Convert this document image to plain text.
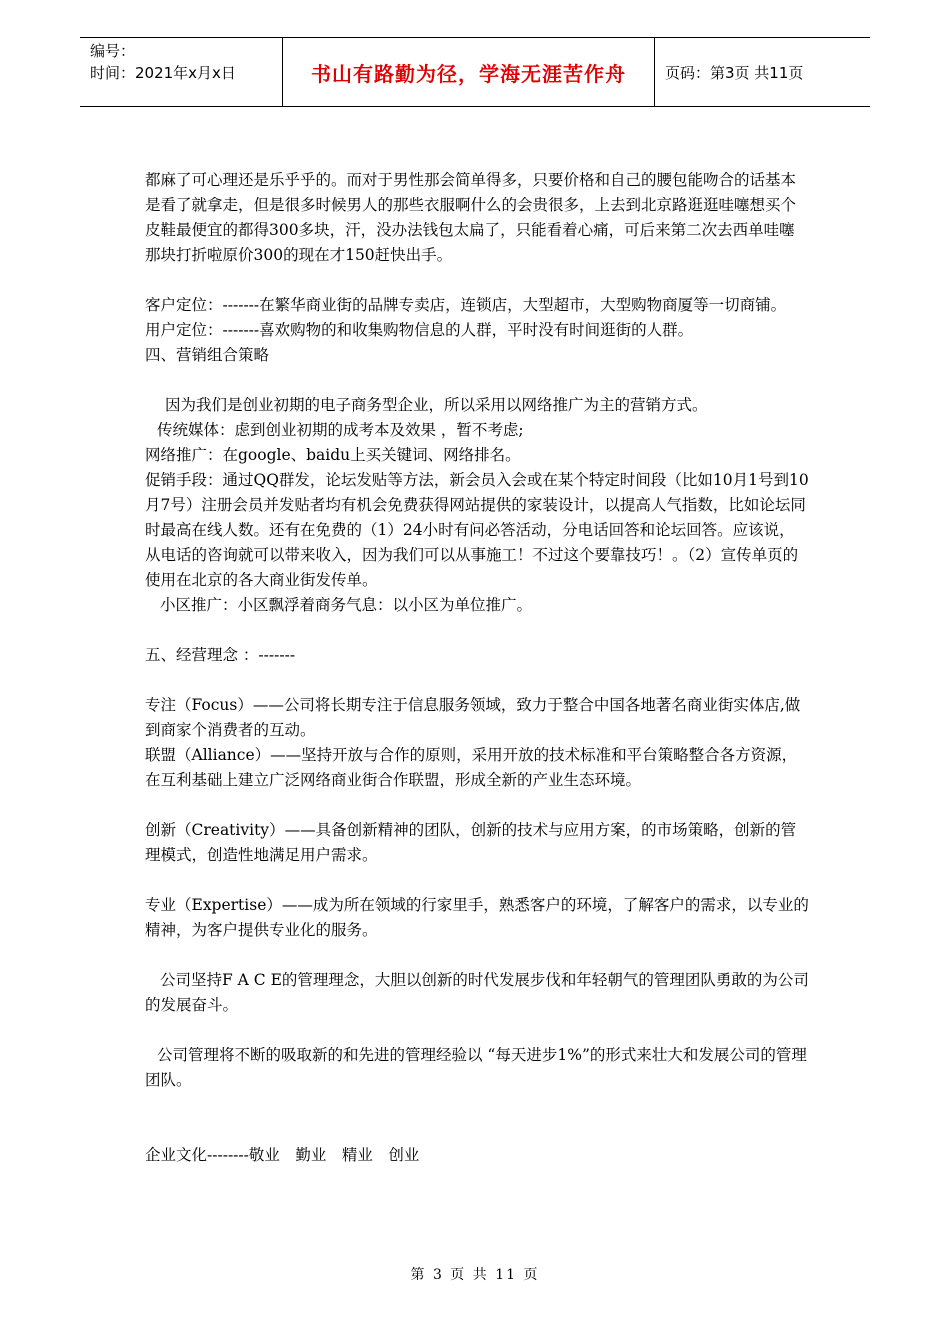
编号：
时间：2021年x月x日	书山有路勤为径，学海无涯苦作舟	页码：第3页 共11页

都麻了可心理还是乐乎乎的。而对于男性那会简单得多，只要价格和自己的腰包能吻合的话基本是看了就拿走，但是很多时候男人的那些衣服啊什么的会贵很多，上去到北京路逛逛哇噻想买个皮鞋最便宜的都得300多块，汗，没办法钱包太扁了，只能看着心痛，可后来第二次去西单哇噻那块打折啦原价300的现在才150赶快出手。

客户定位：-------在繁华商业街的品牌专卖店，连锁店，大型超市，大型购物商厦等一切商铺。

用户定位：-------喜欢购物的和收集购物信息的人群，平时没有时间逛街的人群。

四、营销组合策略

因为我们是创业初期的电子商务型企业，所以采用以网络推广为主的营销方式。

传统媒体：虑到创业初期的成考本及效果 ，暂不考虑;

网络推广：在google、baidu上买关键词、网络排名。

促销手段：通过QQ群发，论坛发贴等方法，新会员入会或在某个特定时间段（比如10月1号到10月7号）注册会员并发贴者均有机会免费获得网站提供的家装设计，以提高人气指数，比如论坛同时最高在线人数。还有在免费的（1）24小时有问必答活动，分电话回答和论坛回答。应该说，从电话的咨询就可以带来收入，因为我们可以从事施工！不过这个要靠技巧！。（2）宣传单页的使用在北京的各大商业街发传单。

小区推广：小区飘浮着商务气息：以小区为单位推广。

五、经营理念 ：-------

专注（Focus）——公司将长期专注于信息服务领域，致力于整合中国各地著名商业街实体店,做到商家个消费者的互动。

联盟（Alliance）——坚持开放与合作的原则，采用开放的技术标准和平台策略整合各方资源，在互利基础上建立广泛网络商业街合作联盟，形成全新的产业生态环境。

创新（Creativity）——具备创新精神的团队，创新的技术与应用方案，的市场策略，创新的管理模式，创造性地满足用户需求。

专业（Expertise）——成为所在领域的行家里手，熟悉客户的环境，了解客户的需求，以专业的精神，为客户提供专业化的服务。

公司坚持F A C E的管理理念，大胆以创新的时代发展步伐和年轻朝气的管理团队勇敢的为公司的发展奋斗。

公司管理将不断的吸取新的和先进的管理经验以 “每天进步1%”的形式来壮大和发展公司的管理团队。

企业文化--------敬业　勤业　精业　创业

第 3 页 共 11 页
